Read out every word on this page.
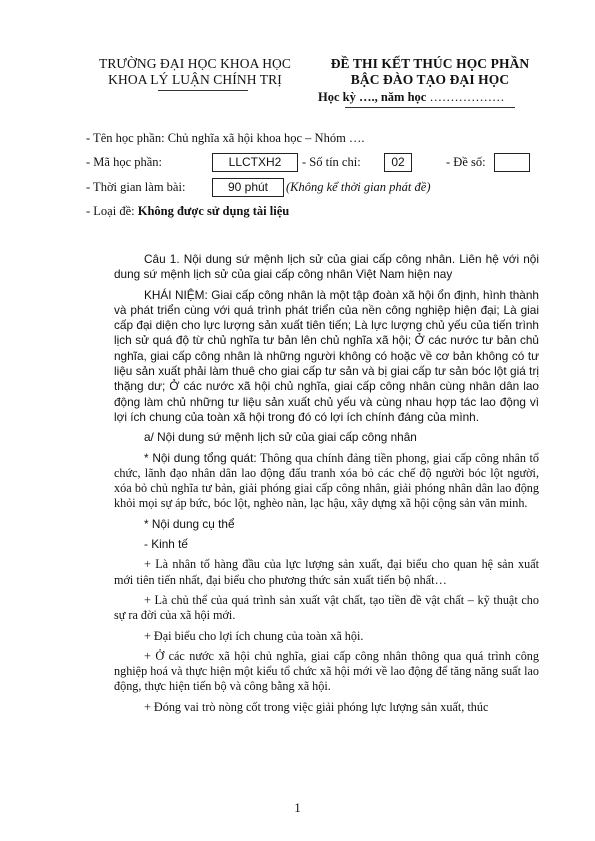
TRƯỜNG ĐẠI HỌC KHOA HỌC
KHOA LÝ LUẬN CHÍNH TRỊ
ĐỀ THI KẾT THÚC HỌC PHẦN
BẬC ĐÀO TẠO ĐẠI HỌC
Học kỳ …., năm học ………………
- Tên học phần: Chủ nghĩa xã hội khoa học – Nhóm ….
- Mã học phần:	LLCTXH2	- Số tín chỉ:	02	- Đề số:
- Thời gian làm bài:	90 phút	(Không kể thời gian phát đề)
- Loại đề: Không được sử dụng tài liệu

Câu 1. Nội dung sứ mệnh lịch sử của giai cấp công nhân. Liên hệ với nội dung sứ mệnh lịch sử của giai cấp công nhân Việt Nam hiện nay

KHÁI NIỆM: Giai cấp công nhân là một tập đoàn xã hội ổn định, hình thành và phát triển cùng với quá trình phát triển của nền công nghiệp hiện đại; Là giai cấp đại diện cho lực lượng sản xuất tiên tiến; Là lực lượng chủ yếu của tiến trình lịch sử quá độ từ chủ nghĩa tư bản lên chủ nghĩa xã hội; Ở các nước tư bản chủ nghĩa, giai cấp công nhân là những người không có hoặc về cơ bản không có tư liệu sản xuất phải làm thuê cho giai cấp tư sản và bị giai cấp tư sản bóc lột giá trị thặng dư; Ở các nước xã hội chủ nghĩa, giai cấp công nhân cùng nhân dân lao động làm chủ những tư liệu sản xuất chủ yếu và cùng nhau hợp tác lao động vì lợi ích chung của toàn xã hội trong đó có lợi ích chính đáng của mình.

a/ Nội dung sứ mệnh lịch sử của giai cấp công nhân

* Nội dung tổng quát: Thông qua chính đảng tiền phong, giai cấp công nhân tổ chức, lãnh đạo nhân dân lao động đấu tranh xóa bỏ các chế độ người bóc lột người, xóa bỏ chủ nghĩa tư bản, giải phóng giai cấp công nhân, giải phóng nhân dân lao động khỏi mọi sự áp bức, bóc lột, nghèo nàn, lạc hậu, xây dựng xã hội cộng sản văn minh.

* Nội dung cụ thể

- Kinh tế

+ Là nhân tố hàng đầu của lực lượng sản xuất, đại biểu cho quan hệ sản xuất mới tiên tiến nhất, đại biểu cho phương thức sản xuất tiến bộ nhất…

+ Là chủ thể của quá trình sản xuất vật chất, tạo tiền đề vật chất – kỹ thuật cho sự ra đời của xã hội mới.

+ Đại biểu cho lợi ích chung của toàn xã hội.

+ Ở các nước xã hội chủ nghĩa, giai cấp công nhân thông qua quá trình công nghiệp hoá và thực hiện một kiểu tổ chức xã hội mới về lao động để tăng năng suất lao động, thực hiện tiến bộ và công bằng xã hội.

+ Đóng vai trò nòng cốt trong việc giải phóng lực lượng sản xuất, thúc

1
